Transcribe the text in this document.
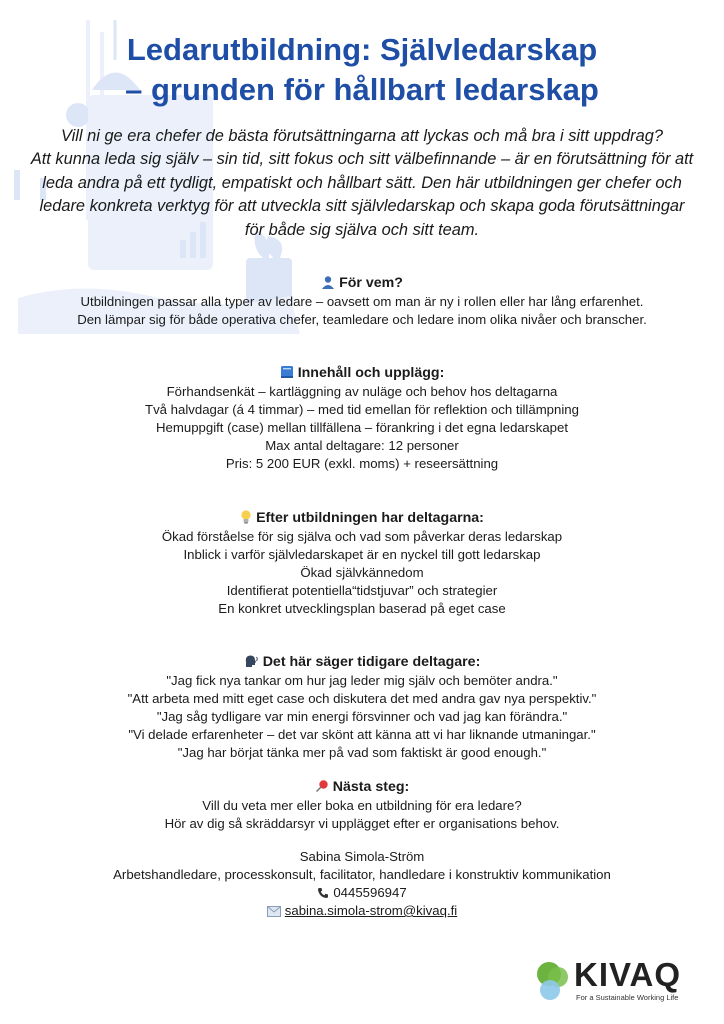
Ledarutbildning: Självledarskap
– grunden för hållbart ledarskap
Vill ni ge era chefer de bästa förutsättningarna att lyckas och må bra i sitt uppdrag?
Att kunna leda sig själv – sin tid, sitt fokus och sitt välbefinnande – är en förutsättning för att
leda andra på ett tydligt, empatiskt och hållbart sätt. Den här utbildningen ger chefer och
ledare konkreta verktyg för att utveckla sitt självledarskap och skapa goda förutsättningar
för både sig själva och sitt team.
För vem?

Utbildningen passar alla typer av ledare – oavsett om man är ny i rollen eller har lång erfarenhet.

Den lämpar sig för både operativa chefer, teamledare och ledare inom olika nivåer och branscher.

Innehåll och upplägg:

Förhandsenkät – kartläggning av nuläge och behov hos deltagarna

Två halvdagar (á 4 timmar) – med tid emellan för reflektion och tillämpning

Hemuppgift (case) mellan tillfällena – förankring i det egna ledarskapet

Max antal deltagare: 12 personer

Pris: 5 200 EUR (exkl. moms) + reseersättning

Efter utbildningen har deltagarna:

Ökad förståelse för sig själva och vad som påverkar deras ledarskap

Inblick i varför självledarskapet är en nyckel till gott ledarskap

Ökad självkännedom

Identifierat potentiella“tidstjuvar” och strategier

En konkret utvecklingsplan baserad på eget case

Det här säger tidigare deltagare:

"Jag fick nya tankar om hur jag leder mig själv och bemöter andra."

"Att arbeta med mitt eget case och diskutera det med andra gav nya perspektiv."

"Jag såg tydligare var min energi försvinner och vad jag kan förändra."

"Vi delade erfarenheter – det var skönt att känna att vi har liknande utmaningar."

"Jag har börjat tänka mer på vad som faktiskt är good enough."

Nästa steg:

Vill du veta mer eller boka en utbildning för era ledare?

Hör av dig så skräddarsyr vi upplägget efter er organisations behov.

Sabina Simola-Ström

Arbetshandledare, processkonsult, facilitator, handledare i konstruktiv kommunikation

0445596947

sabina.simola-strom@kivaq.fi

KIVAQ
For a Sustainable Working Life
